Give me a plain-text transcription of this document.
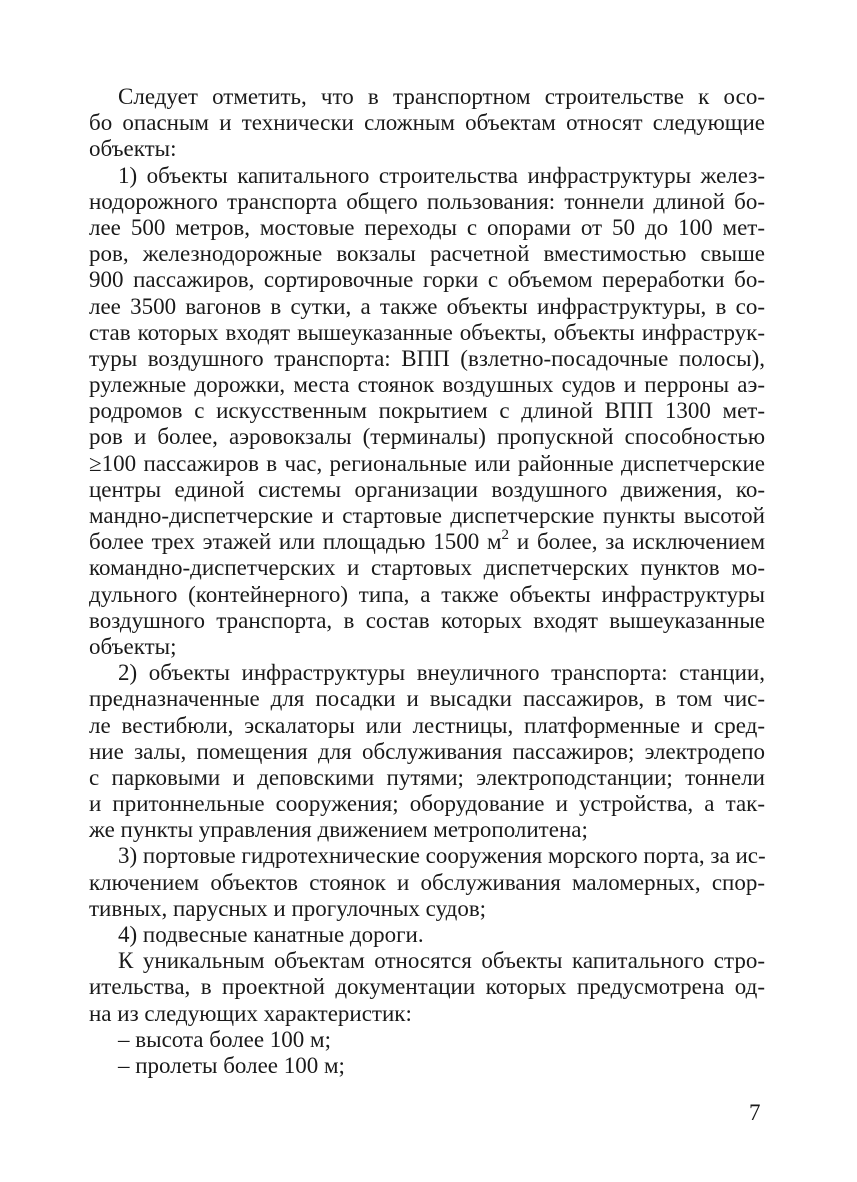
Следует отметить, что в транспортном строительстве к осо-
бо опасным и технически сложным объектам относят следующие
объекты:
1) объекты капитального строительства инфраструктуры желез-
нодорожного транспорта общего пользования: тоннели длиной бо-
лее 500 метров, мостовые переходы с опорами от 50 до 100 мет-
ров, железнодорожные вокзалы расчетной вместимостью свыше
900 пассажиров, сортировочные горки с объемом переработки бо-
лее 3500 вагонов в сутки, а также объекты инфраструктуры, в со-
став которых входят вышеуказанные объекты, объекты инфраструк-
туры воздушного транспорта: ВПП (взлетно-посадочные полосы),
рулежные дорожки, места стоянок воздушных судов и перроны аэ-
родромов с искусственным покрытием с длиной ВПП 1300 мет-
ров и более, аэровокзалы (терминалы) пропускной способностью
≥100 пассажиров в час, региональные или районные диспетчерские
центры единой системы организации воздушного движения, ко-
мандно-диспетчерские и стартовые диспетчерские пункты высотой
более трех этажей или площадью 1500 $м^2$ и более, за исключением
командно-диспетчерских и стартовых диспетчерских пунктов мо-
дульного (контейнерного) типа, а также объекты инфраструктуры
воздушного транспорта, в состав которых входят вышеуказанные
объекты;
2) объекты инфраструктуры внеуличного транспорта: станции,
предназначенные для посадки и высадки пассажиров, в том чис-
ле вестибюли, эскалаторы или лестницы, платформенные и сред-
ние залы, помещения для обслуживания пассажиров; электродепо
с парковыми и деповскими путями; электроподстанции; тоннели
и притоннельные сооружения; оборудование и устройства, а так-
же пункты управления движением метрополитена;
3) портовые гидротехнические сооружения морского порта, за ис-
ключением объектов стоянок и обслуживания маломерных, спор-
тивных, парусных и прогулочных судов;
4) подвесные канатные дороги.
К уникальным объектам относятся объекты капитального стро-
ительства, в проектной документации которых предусмотрена од-
на из следующих характеристик:
– высота более 100 м;
– пролеты более 100 м;
7
